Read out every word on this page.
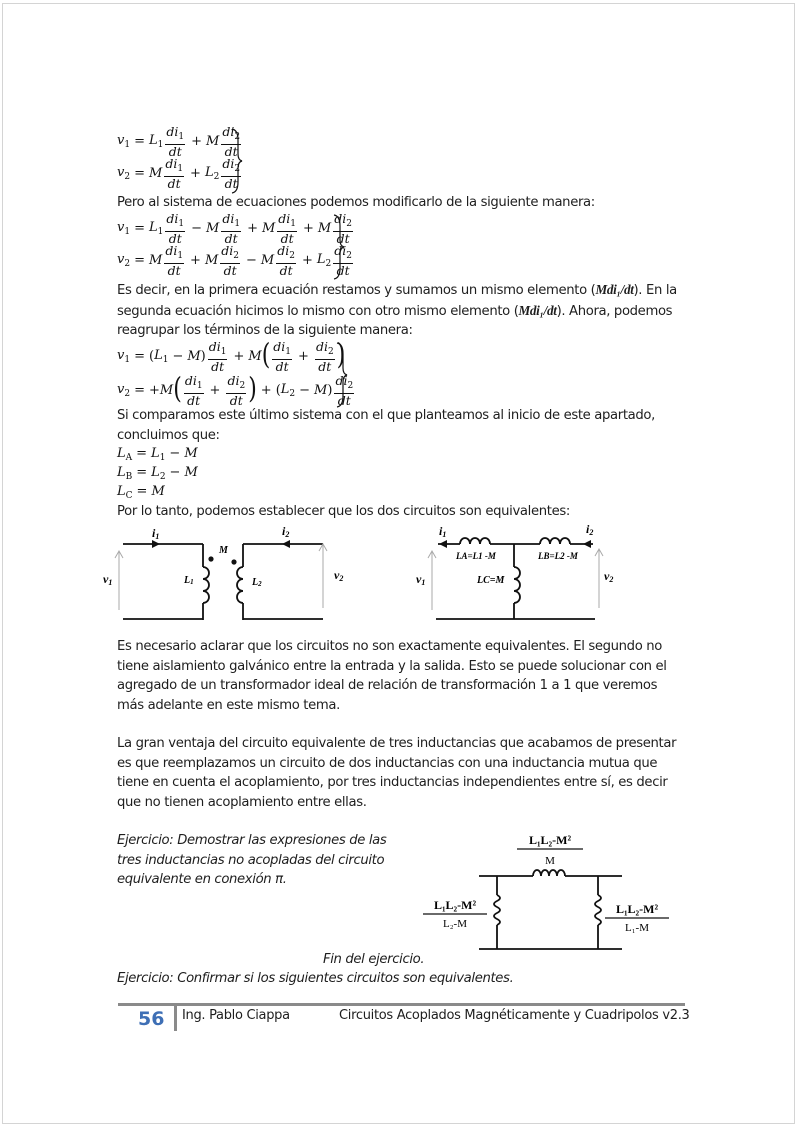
$v_1 = L_1 \frac{di_1}{dt} + M \frac{di_2}{dt}$
$v_2 = M \frac{di_1}{dt} + L_2 \frac{di_2}{dt}$
Pero al sistema de ecuaciones podemos modificarlo de la siguiente manera:
$v_1 = L_1 \frac{di_1}{dt} - M \frac{di_1}{dt} + M \frac{di_1}{dt} + M \frac{di_2}{dt}$
$v_2 = M \frac{di_1}{dt} + M \frac{di_2}{dt} - M \frac{di_2}{dt} + L_2 \frac{di_2}{dt}$
Es decir, en la primera ecuación restamos y sumamos un mismo elemento (Mdi₁/dt). En la segunda ecuación hicimos lo mismo con otro mismo elemento (Mdi₁/dt). Ahora, podemos reagrupar los términos de la siguiente manera:
$v_1$ = ( $L_1 - M$ ) $\frac{di_1}{dt} + M$ ( $\frac{di_1}{dt} + \frac{di_2}{dt}$ )
$v_2 = +M$ ( $\frac{di_1}{dt} + \frac{di_2}{dt}$ ) + ( $L_2 - M$ ) $\frac{di_2}{dt}$
Si comparamos este último sistema con el que planteamos al inicio de este apartado, concluimos que:
$L_A = L_1 - M$
$L_B = L_2 - M$
$L_C = M$
Por lo tanto, podemos establecer que los dos circuitos son equivalentes:
i1	i2
M
v1
v2
L1	L2
i1	i2
LA=L1 -M	LB=L2 -M
LC=M
v1	v2
Es necesario aclarar que los circuitos no son exactamente equivalentes. El segundo no tiene aislamiento galvánico entre la entrada y la salida. Esto se puede solucionar con el agregado de un transformador ideal de relación de transformación 1 a 1 que veremos más adelante en este mismo tema.
La gran ventaja del circuito equivalente de tres inductancias que acabamos de presentar es que reemplazamos un circuito de dos inductancias con una inductancia mutua que tiene en cuenta el acoplamiento, por tres inductancias independientes entre sí, es decir que no tienen acoplamiento entre ellas.
Ejercicio: Demostrar las expresiones de las tres inductancias no acopladas del circuito equivalente en conexión π.
L₁L₂-M²
M
L₁L₂-M²
L₂-M
L₁L₂-M²
L₁-M
Fin del ejercicio.
Ejercicio: Confirmar si los siguientes circuitos son equivalentes.
56 Ing. Pablo Ciappa	Circuitos Acoplados Magnéticamente y Cuadripolos v2.3
